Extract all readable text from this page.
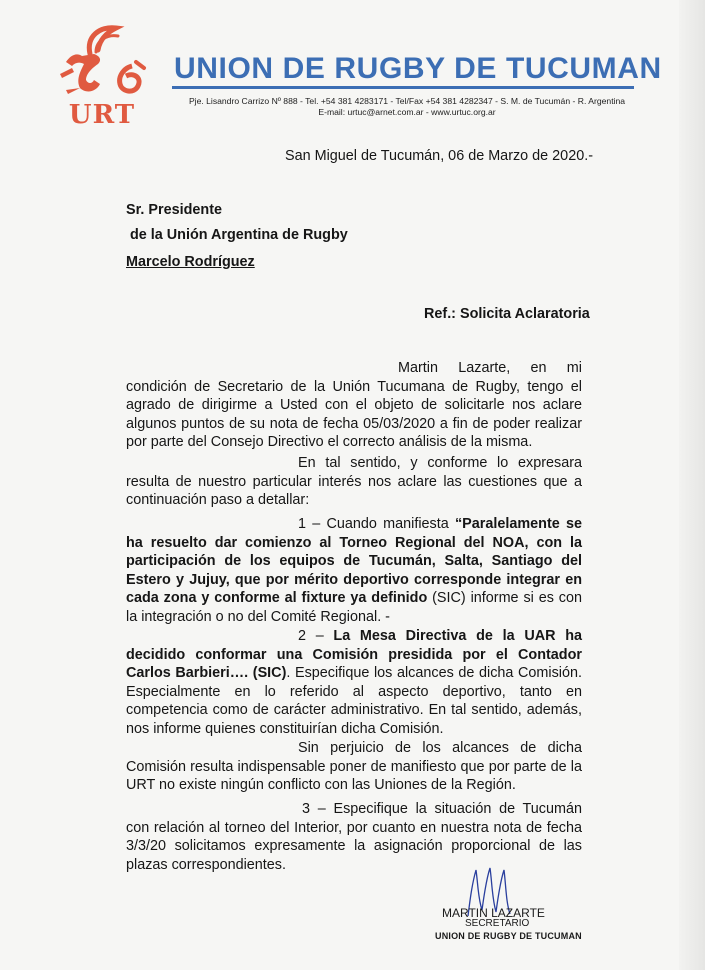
URT
UNION DE RUGBY DE TUCUMAN
Pje. Lisandro Carrizo Nº 888 - Tel. +54 381 4283171 - Tel/Fax +54 381 4282347 - S. M. de Tucumán - R. Argentina
E-mail: urtuc@arnet.com.ar - www.urtuc.org.ar
San Miguel de Tucumán, 06 de Marzo de 2020.-
Sr. Presidente
de la Unión Argentina de Rugby
Marcelo Rodríguez
Ref.: Solicita Aclaratoria
Martin Lazarte, en mi condición de Secretario de la Unión Tucumana de Rugby, tengo el agrado de dirigirme a Usted con el objeto de solicitarle nos aclare algunos puntos de su nota de fecha 05/03/2020 a fin de poder realizar por parte del Consejo Directivo el correcto análisis de la misma.
En tal sentido, y conforme lo expresara resulta de nuestro particular interés nos aclare las cuestiones que a continuación paso a detallar:
1 – Cuando manifiesta “Paralelamente se ha resuelto dar comienzo al Torneo Regional del NOA, con la participación de los equipos de Tucumán, Salta, Santiago del Estero y Jujuy, que por mérito deportivo corresponde integrar en cada zona y conforme al fixture ya definido (SIC) informe si es con la integración o no del Comité Regional. -
2 – La Mesa Directiva de la UAR ha decidido conformar una Comisión presidida por el Contador Carlos Barbieri…. (SIC). Especifique los alcances de dicha Comisión. Especialmente en lo referido al aspecto deportivo, tanto en competencia como de carácter administrativo. En tal sentido, además, nos informe quienes constituirían dicha Comisión.
Sin perjuicio de los alcances de dicha Comisión resulta indispensable poner de manifiesto que por parte de la URT no existe ningún conflicto con las Uniones de la Región.
3 – Especifique la situación de Tucumán con relación al torneo del Interior, por cuanto en nuestra nota de fecha 3/3/20 solicitamos expresamente la asignación proporcional de las plazas correspondientes.
MARTIN LAZARTE
SECRETARIO
UNION DE RUGBY DE TUCUMAN
